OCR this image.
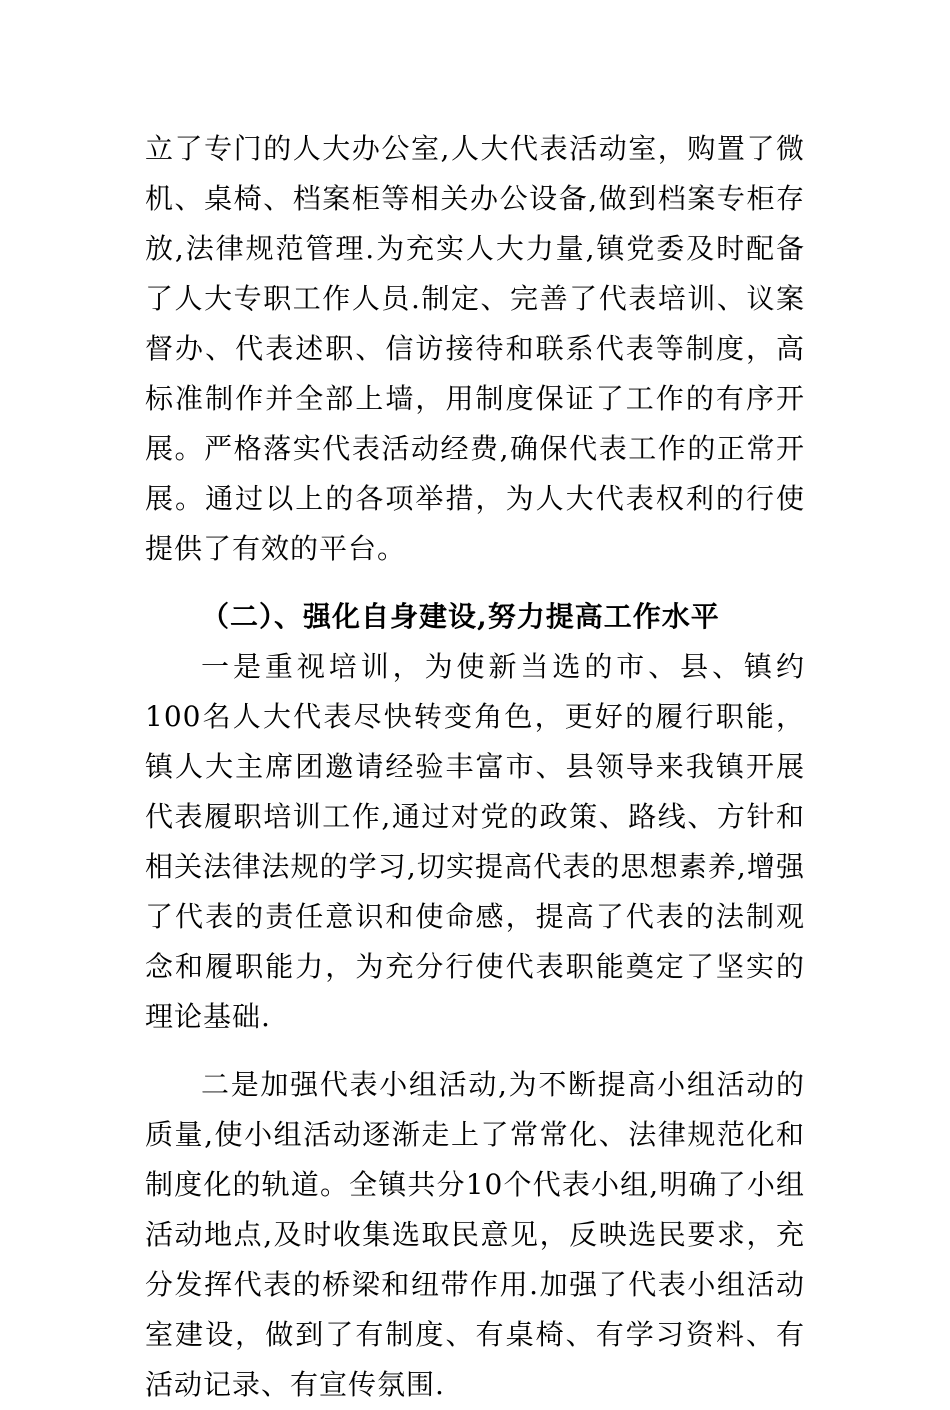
立了专门的人大办公室,人大代表活动室，购置了微机、桌椅、档案柜等相关办公设备,做到档案专柜存放,法律规范管理.为充实人大力量,镇党委及时配备了人大专职工作人员.制定、完善了代表培训、议案督办、代表述职、信访接待和联系代表等制度，高标准制作并全部上墙，用制度保证了工作的有序开展。严格落实代表活动经费,确保代表工作的正常开展。通过以上的各项举措，为人大代表权利的行使提供了有效的平台。

（二）、强化自身建设,努力提高工作水平

一是重视培训，为使新当选的市、县、镇约100名人大代表尽快转变角色，更好的履行职能，镇人大主席团邀请经验丰富市、县领导来我镇开展代表履职培训工作,通过对党的政策、路线、方针和相关法律法规的学习,切实提高代表的思想素养,增强了代表的责任意识和使命感，提高了代表的法制观念和履职能力，为充分行使代表职能奠定了坚实的理论基础.

二是加强代表小组活动,为不断提高小组活动的质量,使小组活动逐渐走上了常常化、法律规范化和制度化的轨道。全镇共分10个代表小组,明确了小组活动地点,及时收集选取民意见，反映选民要求，充分发挥代表的桥梁和纽带作用.加强了代表小组活动室建设，做到了有制度、有桌椅、有学习资料、有活动记录、有宣传氛围.
